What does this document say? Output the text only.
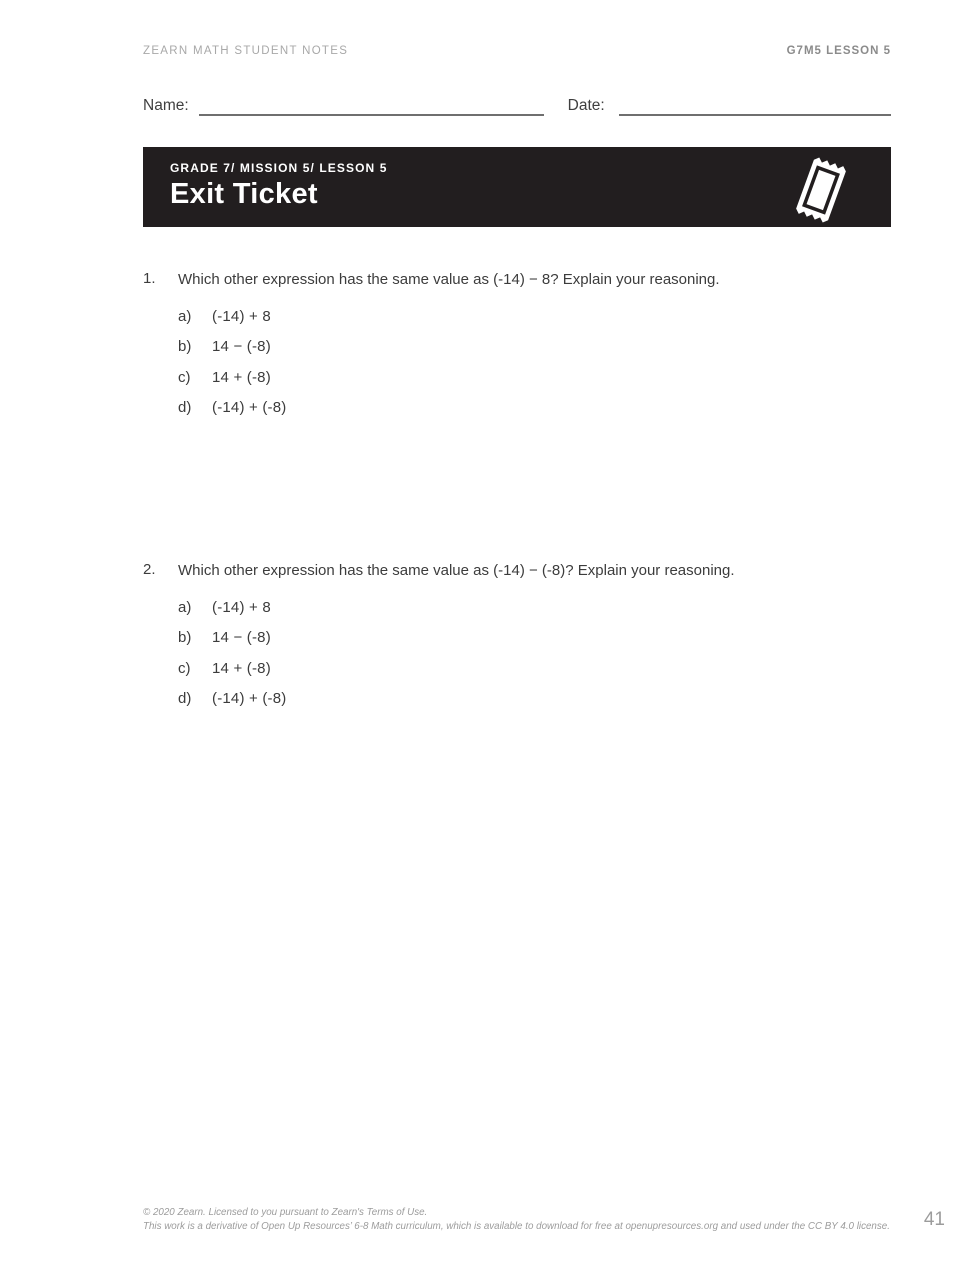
ZEARN MATH STUDENT NOTES	G7M5 LESSON 5
Name:	Date:
GRADE 7/ MISSION 5/ LESSON 5
Exit Ticket
1.	Which other expression has the same value as (-14) − 8? Explain your reasoning.
a)	(-14) + 8
b)	14 − (-8)
c)	14 + (-8)
d)	(-14) + (-8)
2.	Which other expression has the same value as (-14) − (-8)? Explain your reasoning.
a)	(-14) + 8
b)	14 − (-8)
c)	14 + (-8)
d)	(-14) + (-8)
© 2020 Zearn. Licensed to you pursuant to Zearn's Terms of Use.
This work is a derivative of Open Up Resources’ 6-8 Math curriculum, which is available to download for free at openupresources.org and used under the CC BY 4.0 license.	41
